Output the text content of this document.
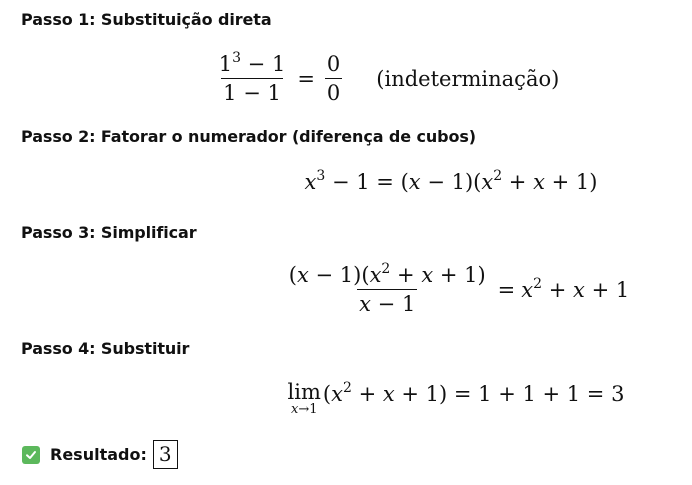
Passo 1: Substituição direta
$\frac{1^3 - 1}{1 - 1} = \frac{0}{0}$ (indeterminação)
Passo 2: Fatorar o numerador (diferença de cubos)
$x^3 - 1 = (x - 1)(x^2 + x + 1)$
Passo 3: Simplificar
$\frac{(x - 1)(x^2 + x + 1)}{x - 1} = x^2 + x + 1$
Passo 4: Substituir
lim
x→1
$(x^2 + x + 1) = 1 + 1 + 1 = 3$
Resultado: 3
